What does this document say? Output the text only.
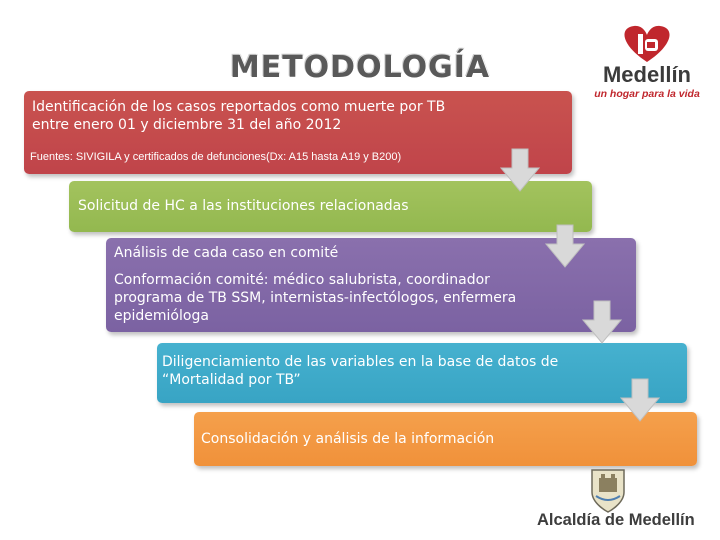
METODOLOGÍA	Medellín
un hogar para la vida
Identificación de los casos reportados como muerte por TB
entre enero 01 y diciembre 31 del año 2012
Fuentes: SIVIGILA y certificados de defunciones(Dx: A15 hasta A19 y B200)
Solicitud de HC a las instituciones relacionadas
Análisis de cada caso en comité
Conformación comité: médico salubrista, coordinador
programa de TB SSM, internistas-infectólogos, enfermera
epidemióloga
Diligenciamiento de las variables en la base de datos de
“Mortalidad por TB”
Consolidación y análisis de la información
Alcaldía de Medellín
